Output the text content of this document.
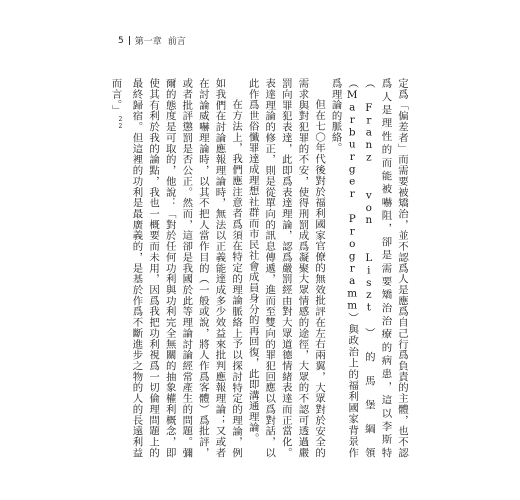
5 第一章 前言

定爲「偏差者」而需要被矯治，並不認爲人是應爲自己行爲負責的主體，也不認爲人是理性的而能被嚇阻，卻是需要矯治治療的病患，這以李斯特（Franz von Liszt）的馬堡綱領（Marburger Programm）與政治上的福利國家背景作爲理論的脈絡。

但在七〇年代後對於福利國家官僚的無效批評在左右兩翼，大眾對於安全的需求與對犯罪的不安，使得刑罰成爲凝聚大眾情感的途徑，大眾的不認可透過嚴罰向罪犯表達，此即爲表達理論，認爲嚴罰經由對大眾道德情緒表達而正當化。表達理論的修正，則是從單向的訊息傳遞，進而至雙向的罪犯回應以爲對話，以此作爲世俗懺罪達成理想社群而市民社會成員身分的再回復，此即溝通理論。

在方法上，我們應注意者爲須在特定的理論脈絡上予以探討特定的理論，例如我們在討論應報理論時，無法以正義能達成多少效益來批判應報理論；又或者在討論威嚇理論時，以其不把人當作目的（一般或說，將人作爲客體）爲批評，或者批評懲罰是否公正。然而，這卻是我國於此等理論討論經常產生的問題。彌爾的態度是可取的，他說：「對於任何功利與功利完全無關的抽象權利概念，即使其有利於我的論點，我也一概要而未用，因爲我把功利視爲一切倫理問題上的最終歸宿。但這裡的功利是最廣義的，是基於作爲不斷進步之物的人的長遠利益而言。」$^{22}$
